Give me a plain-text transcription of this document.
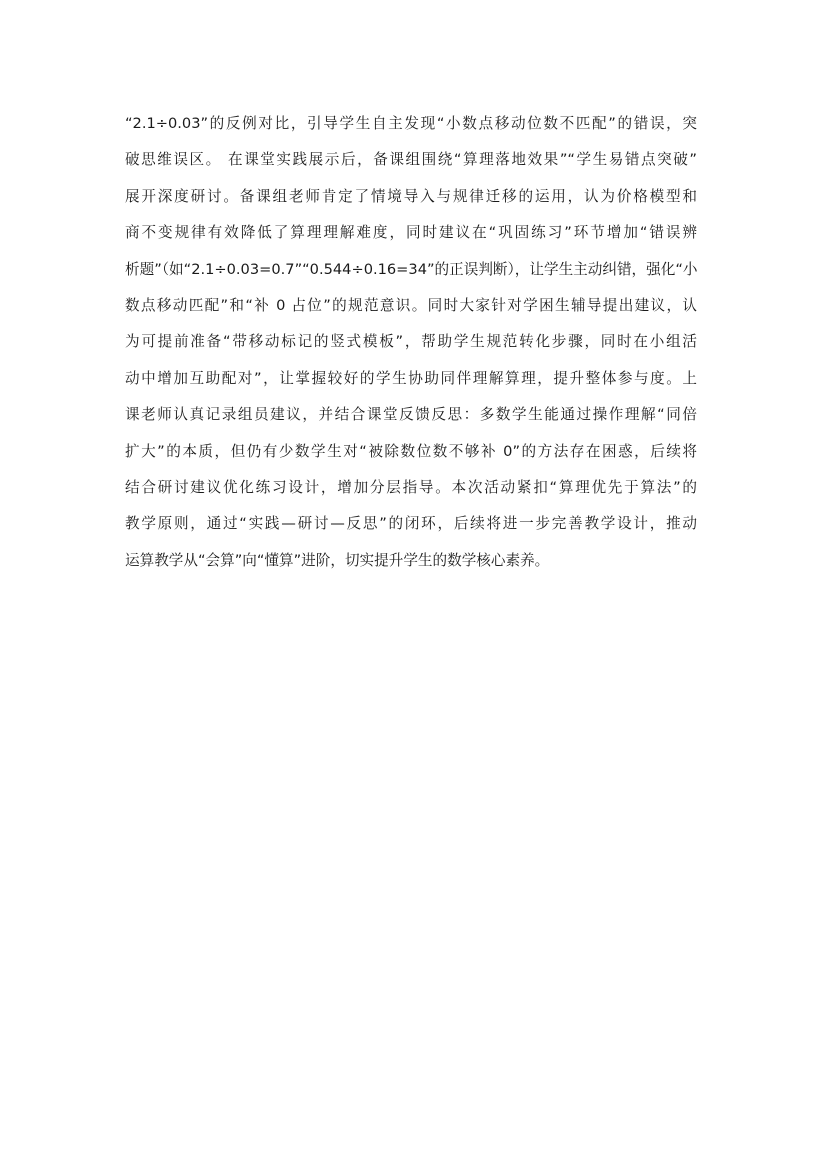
“2.1÷0.03”的反例对比，引导学生自主发现“小数点移动位数不匹配”的错误，突
破思维误区。 在课堂实践展示后，备课组围绕“算理落地效果”“学生易错点突破”
展开深度研讨。备课组老师肯定了情境导入与规律迁移的运用，认为价格模型和
商不变规律有效降低了算理理解难度，同时建议在“巩固练习”环节增加“错误辨
析题”（如“2.1÷0.03=0.7”“0.544÷0.16=34”的正误判断），让学生主动纠错，强化“小
数点移动匹配”和“补 0 占位”的规范意识。同时大家针对学困生辅导提出建议，认
为可提前准备“带移动标记的竖式模板”，帮助学生规范转化步骤，同时在小组活
动中增加互助配对”，让掌握较好的学生协助同伴理解算理，提升整体参与度。上
课老师认真记录组员建议，并结合课堂反馈反思：多数学生能通过操作理解“同倍
扩大”的本质，但仍有少数学生对“被除数位数不够补 0”的方法存在困惑，后续将
结合研讨建议优化练习设计，增加分层指导。本次活动紧扣“算理优先于算法”的
教学原则，通过“实践—研讨—反思”的闭环，后续将进一步完善教学设计，推动
运算教学从“会算”向“懂算”进阶，切实提升学生的数学核心素养。
